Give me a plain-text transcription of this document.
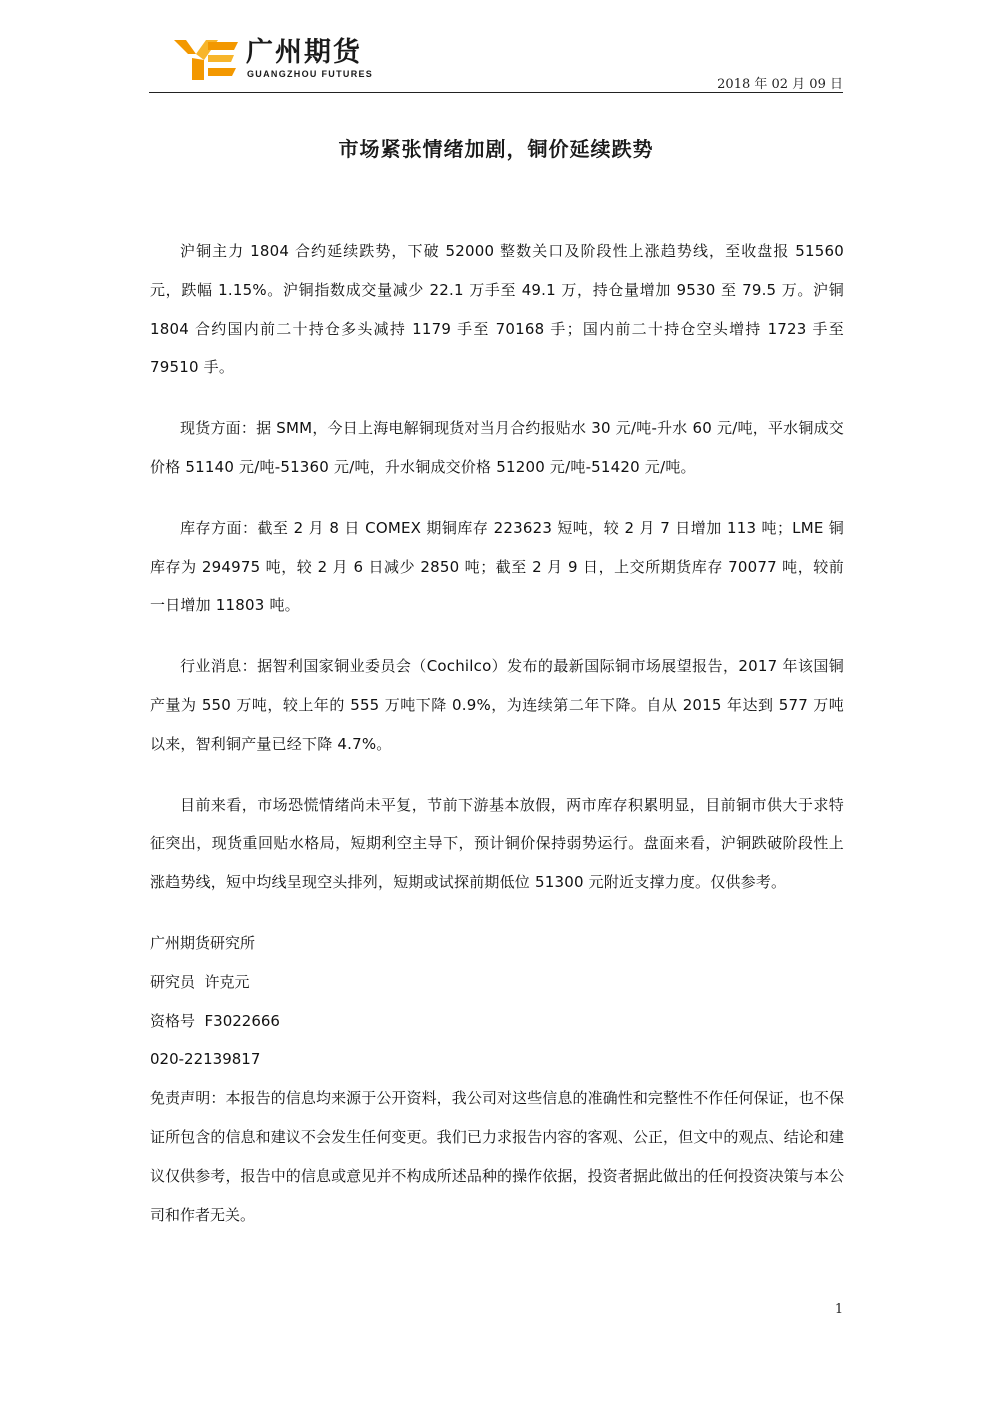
广州期货
GUANGZHOU FUTURES
2018 年 02 月 09 日
市场紧张情绪加剧，铜价延续跌势

沪铜主力 1804 合约延续跌势，下破 52000 整数关口及阶段性上涨趋势线，至收盘报 51560 元，跌幅 1.15%。沪铜指数成交量减少 22.1 万手至 49.1 万，持仓量增加 9530 至 79.5 万。沪铜 1804 合约国内前二十持仓多头减持 1179 手至 70168 手；国内前二十持仓空头增持 1723 手至 79510 手。

现货方面：据 SMM，今日上海电解铜现货对当月合约报贴水 30 元/吨-升水 60 元/吨，平水铜成交价格 51140 元/吨-51360 元/吨，升水铜成交价格 51200 元/吨-51420 元/吨。

库存方面：截至 2 月 8 日 COMEX 期铜库存 223623 短吨，较 2 月 7 日增加 113 吨；LME 铜库存为 294975 吨，较 2 月 6 日减少 2850 吨；截至 2 月 9 日，上交所期货库存 70077 吨，较前一日增加 11803 吨。

行业消息：据智利国家铜业委员会（Cochilco）发布的最新国际铜市场展望报告，2017 年该国铜产量为 550 万吨，较上年的 555 万吨下降 0.9%，为连续第二年下降。自从 2015 年达到 577 万吨以来，智利铜产量已经下降 4.7%。

目前来看，市场恐慌情绪尚未平复，节前下游基本放假，两市库存积累明显，目前铜市供大于求特征突出，现货重回贴水格局，短期利空主导下，预计铜价保持弱势运行。盘面来看，沪铜跌破阶段性上涨趋势线，短中均线呈现空头排列，短期或试探前期低位 51300 元附近支撑力度。仅供参考。

广州期货研究所

研究员  许克元

资格号  F3022666

020-22139817

免责声明：本报告的信息均来源于公开资料，我公司对这些信息的准确性和完整性不作任何保证，也不保证所包含的信息和建议不会发生任何变更。我们已力求报告内容的客观、公正，但文中的观点、结论和建议仅供参考，报告中的信息或意见并不构成所述品种的操作依据，投资者据此做出的任何投资决策与本公司和作者无关。

1
